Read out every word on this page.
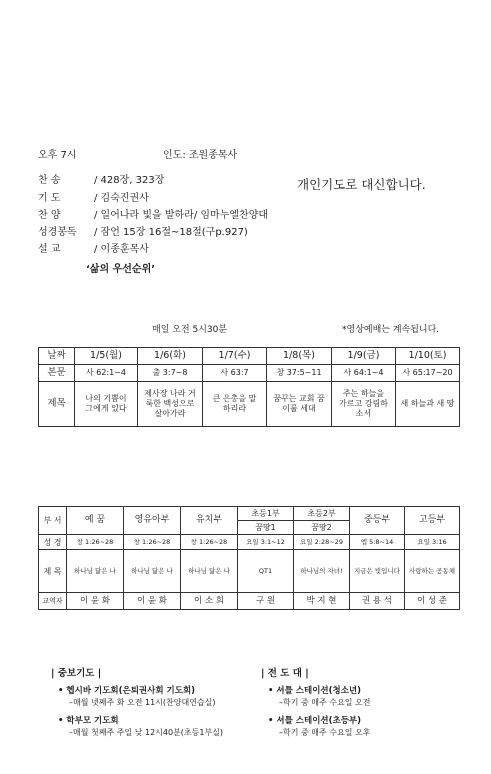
오후 7시	인도: 조원종목사
찬 송	/ 428장, 323장
기 도	/ 김숙진권사
찬 양	/ 일어나라 빛을 발하라/ 임마누엘찬양대
성경봉독 / 잠언 15장 16절~18절(구p.927)
설 교	/ 이종훈목사
‘삶의 우선순위’
개인기도로 대신합니다.
매일 오전 5시30분	*영상예배는 계속됩니다.
날짜	1/5(월)	1/6(화)	1/7(수)	1/8(목)	1/9(금)	1/10(토)
본문	사 62:1~4	출 3:7~8	사 63:7	창 37:5~11	사 64:1~4	사 65:17~20
제목	나의 기쁨이 그에게 있다	제사장 나라 거룩한 백성으로 살아가라	큰 은총을 말하리라	꿈꾸는 교회 꿈 이룰 세대	주는 하늘을 가르고 강림하소서	새 하늘과 새 땅
부 서	예 꿈	영유아부	유치부	초등1부	초등2부	중등부	고등부
				꿈땅1	꿈땅2		
성 경	창 1:26~28	창 1:26~28	창 1:26~28	요일 3:1~12	요일 2:28~29	엡 5:8~14	요일 3:16
제 목	하나님 닮은 나	하나님 닮은 나	하나님 닮은 나	QT1	하나님의 자녀!	지금은 빛입니다	사랑하는 공동체
교역자	이 윤 화	이 윤 화	이 소 희	구 원	박 지 현	권 용 석	이 성 준
| 중보기도 |
• 헵시바 기도회(은퇴권사회 기도회)
–매월 넷째주 화 오전 11시(찬양대연습실)
• 학부모 기도회
–매월 첫째주 주일 낮 12시40분(초등1부실)
| 전 도 대 |
• 셔틀 스테이션(청소년)
–학기 중 매주 수요일 오전
• 셔틀 스테이션(초등부)
–학기 중 매주 수요일 오후
